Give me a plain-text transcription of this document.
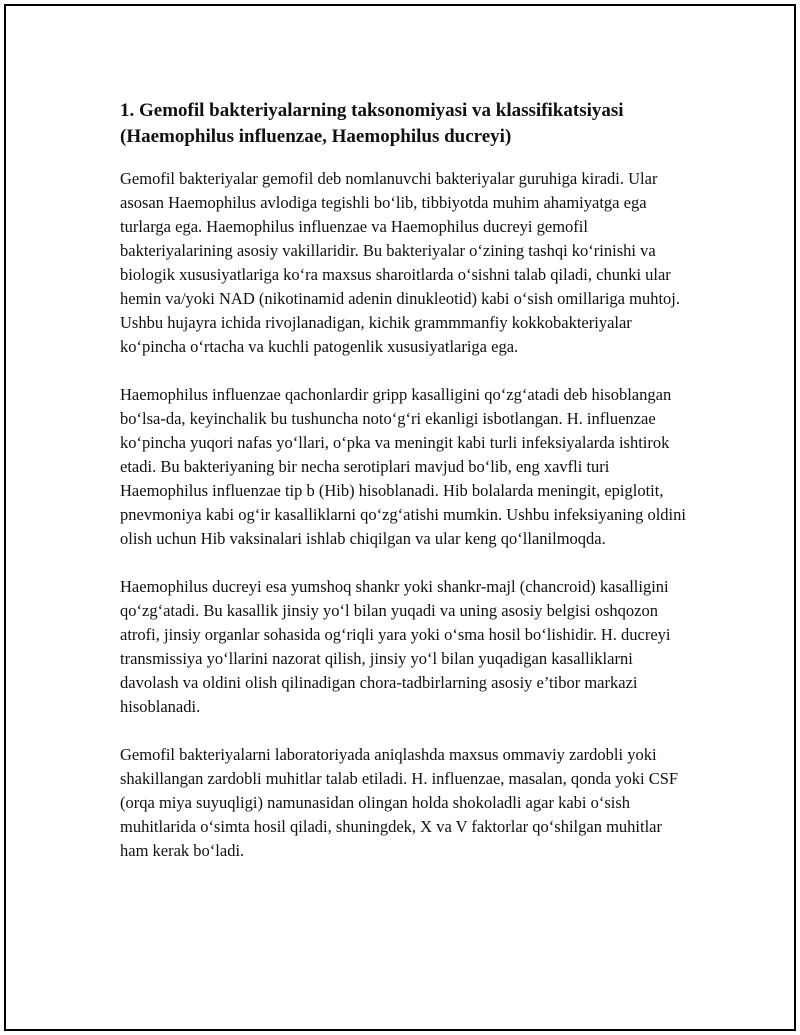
1. Gemofil bakteriyalarning taksonomiyasi va klassifikatsiyasi (Haemophilus influenzae, Haemophilus ducreyi)

Gemofil bakteriyalar gemofil deb nomlanuvchi bakteriyalar guruhiga kiradi. Ular asosan Haemophilus avlodiga tegishli bo‘lib, tibbiyotda muhim ahamiyatga ega turlarga ega. Haemophilus influenzae va Haemophilus ducreyi gemofil bakteriyalarining asosiy vakillaridir. Bu bakteriyalar o‘zining tashqi ko‘rinishi va biologik xususiyatlariga ko‘ra maxsus sharoitlarda o‘sishni talab qiladi, chunki ular hemin va/yoki NAD (nikotinamid adenin dinukleotid) kabi o‘sish omillariga muhtoj. Ushbu hujayra ichida rivojlanadigan, kichik grammmanfiy kokkobakteriyalar ko‘pincha o‘rtacha va kuchli patogenlik xususiyatlariga ega.

Haemophilus influenzae qachonlardir gripp kasalligini qo‘zg‘atadi deb hisoblangan bo‘lsa-da, keyinchalik bu tushuncha noto‘g‘ri ekanligi isbotlangan. H. influenzae ko‘pincha yuqori nafas yo‘llari, o‘pka va meningit kabi turli infeksiyalarda ishtirok etadi. Bu bakteriyaning bir necha serotiplari mavjud bo‘lib, eng xavfli turi Haemophilus influenzae tip b (Hib) hisoblanadi. Hib bolalarda meningit, epiglotit, pnevmoniya kabi og‘ir kasalliklarni qo‘zg‘atishi mumkin. Ushbu infeksiyaning oldini olish uchun Hib vaksinalari ishlab chiqilgan va ular keng qo‘llanilmoqda.

Haemophilus ducreyi esa yumshoq shankr yoki shankr-majl (chancroid) kasalligini qo‘zg‘atadi. Bu kasallik jinsiy yo‘l bilan yuqadi va uning asosiy belgisi oshqozon atrofi, jinsiy organlar sohasida og‘riqli yara yoki o‘sma hosil bo‘lishidir. H. ducreyi transmissiya yo‘llarini nazorat qilish, jinsiy yo‘l bilan yuqadigan kasalliklarni davolash va oldini olish qilinadigan chora-tadbirlarning asosiy e’tibor markazi hisoblanadi.

Gemofil bakteriyalarni laboratoriyada aniqlashda maxsus ommaviy zardobli yoki shakillangan zardobli muhitlar talab etiladi. H. influenzae, masalan, qonda yoki CSF (orqa miya suyuqligi) namunasidan olingan holda shokoladli agar kabi o‘sish muhitlarida o‘simta hosil qiladi, shuningdek, X va V faktorlar qo‘shilgan muhitlar ham kerak bo‘ladi.
